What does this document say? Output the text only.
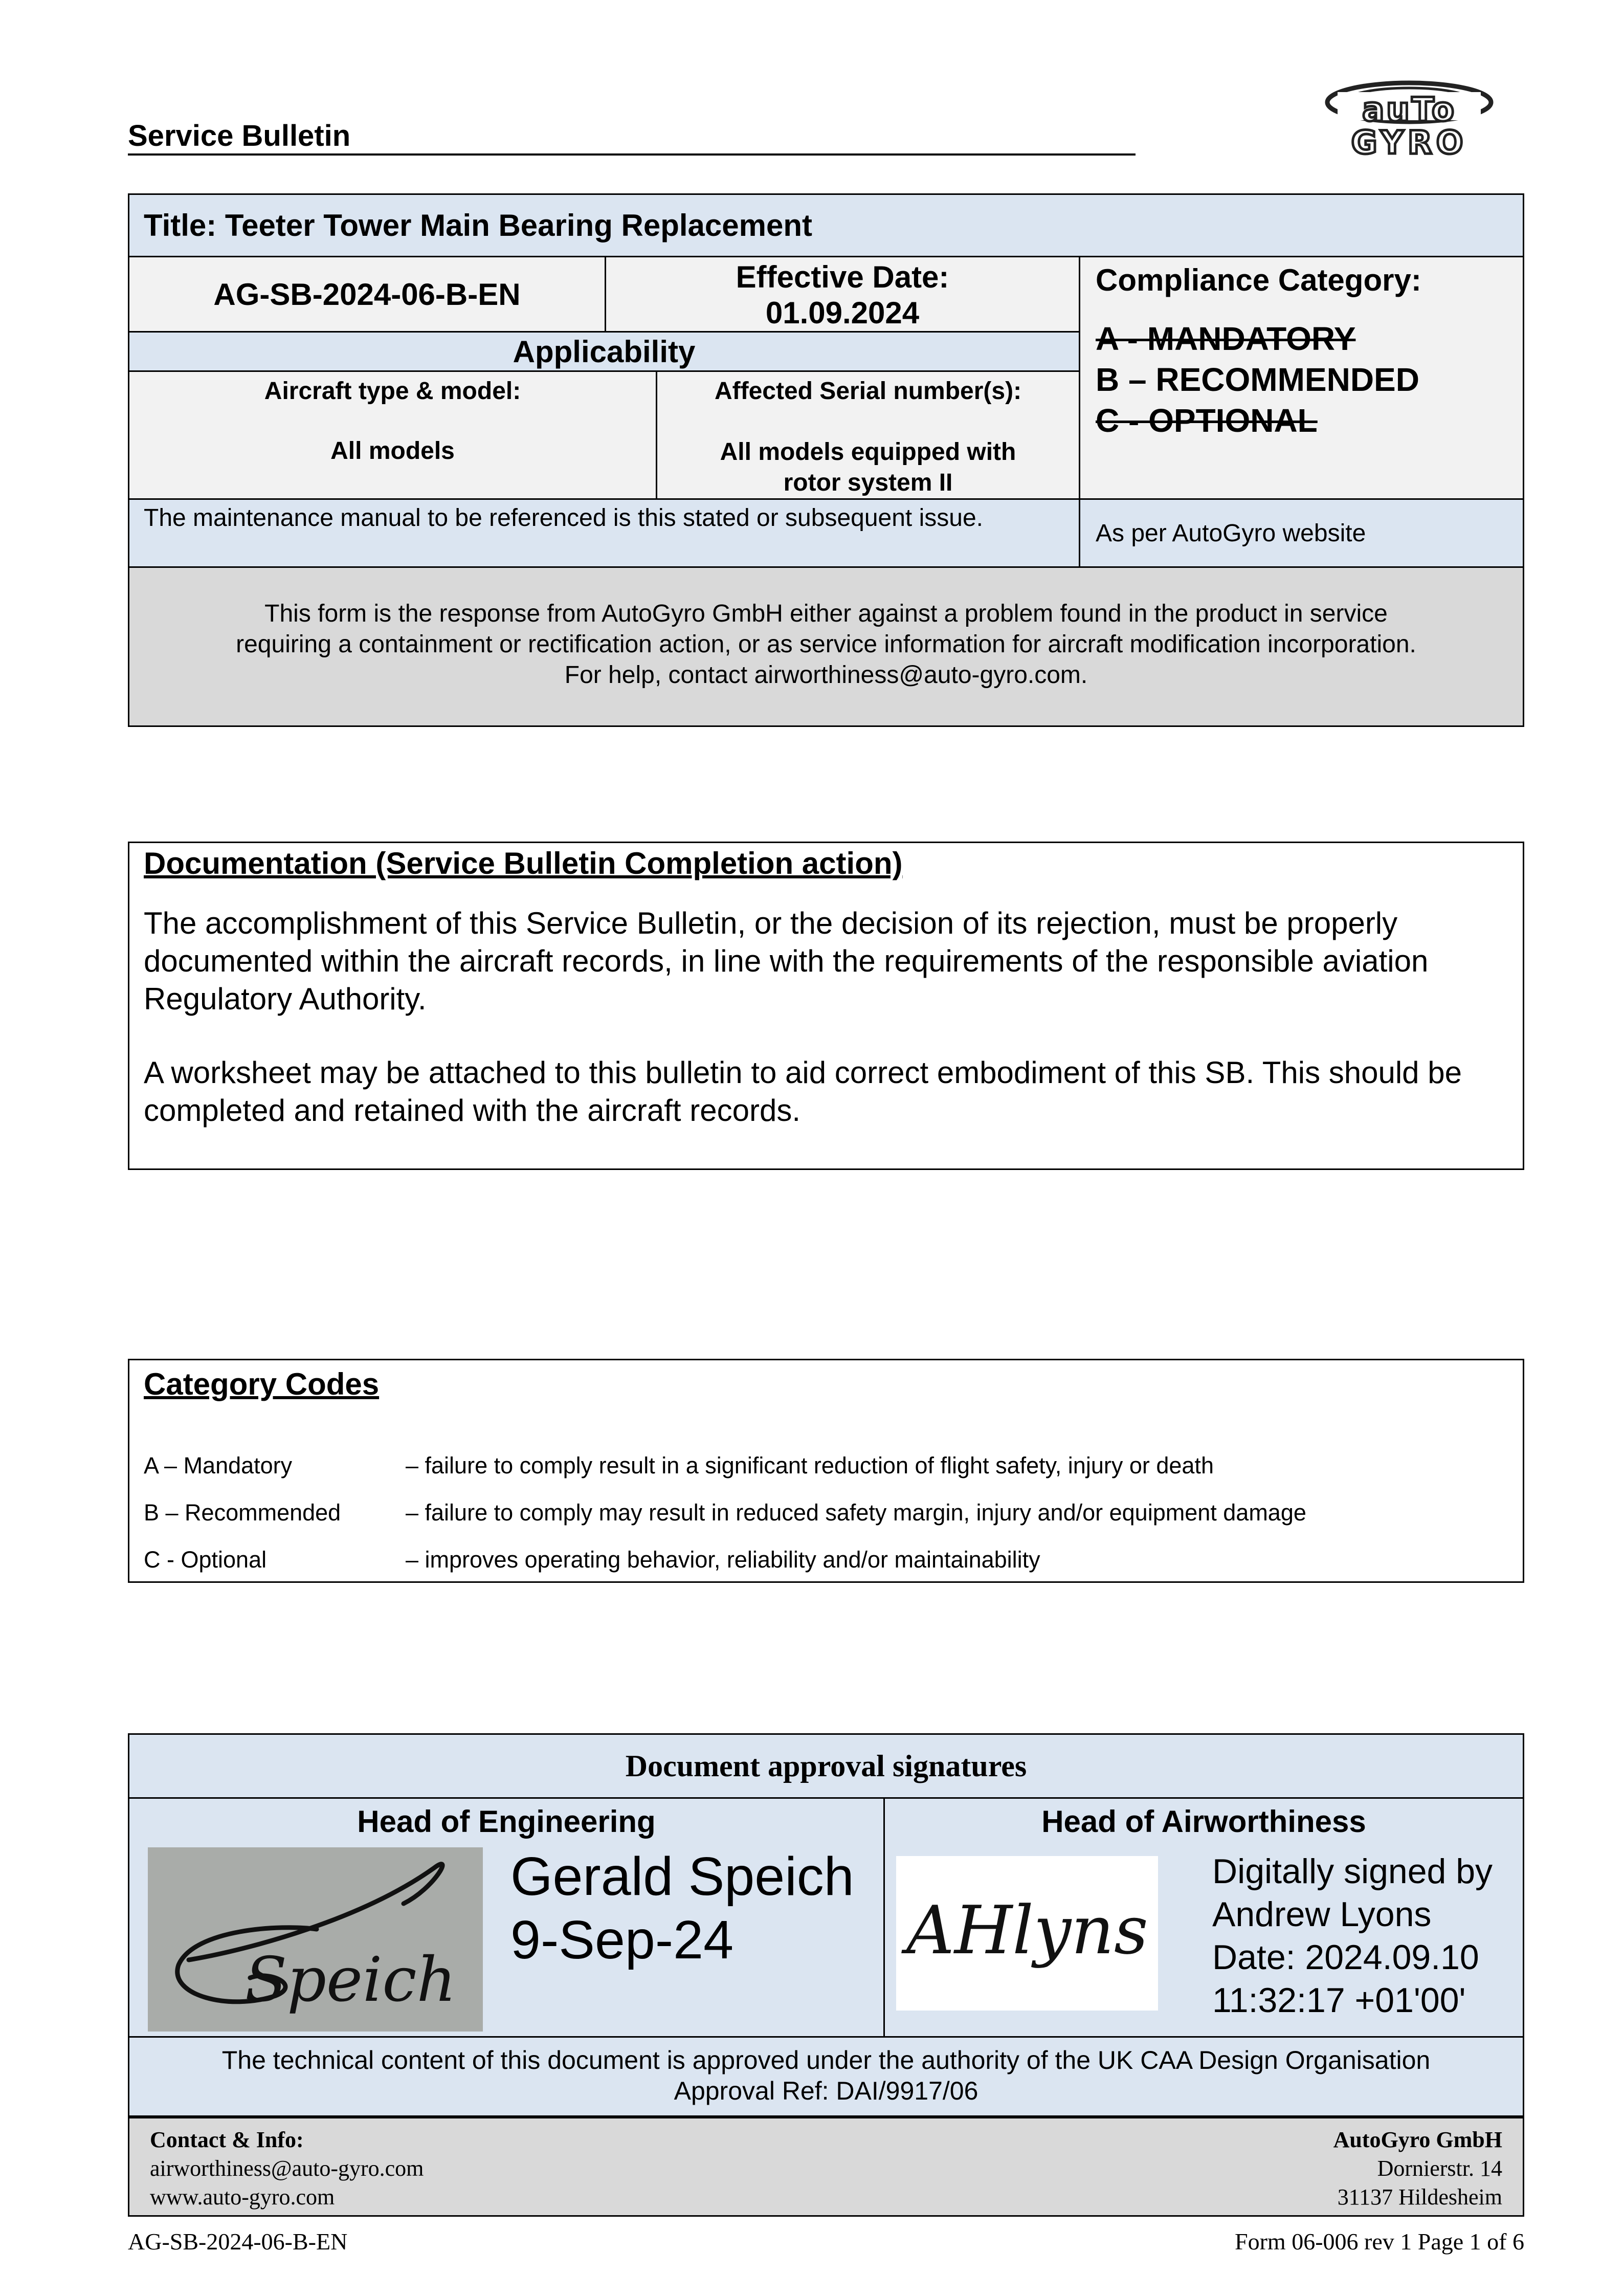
Service Bulletin
auTo
GYRO
Title: Teeter Tower Main Bearing Replacement
AG-SB-2024-06-B-EN	Effective Date:
01.09.2024
Applicability
Aircraft type & model:
All models
Affected Serial number(s):
All models equipped with
rotor system II
Compliance Category:
A - MANDATORY
B – RECOMMENDED
C - OPTIONAL
The maintenance manual to be referenced is this stated or subsequent issue.
As per AutoGyro website
This form is the response from AutoGyro GmbH either against a problem found in the product in service
requiring a containment or rectification action, or as service information for aircraft modification incorporation.
For help, contact airworthiness@auto-gyro.com.
Documentation (Service Bulletin Completion action)
The accomplishment of this Service Bulletin, or the decision of its rejection, must be properly documented within the aircraft records, in line with the requirements of the responsible aviation Regulatory Authority.
A worksheet may be attached to this bulletin to aid correct embodiment of this SB. This should be completed and retained with the aircraft records.
Category Codes
A – Mandatory	– failure to comply result in a significant reduction of flight safety, injury or death
B – Recommended	– failure to comply may result in reduced safety margin, injury and/or equipment damage
C - Optional	– improves operating behavior, reliability and/or maintainability
Document approval signatures
Head of Engineering
Speich
Gerald Speich
9-Sep-24
Head of Airworthiness
AHlyns
Digitally signed by
Andrew Lyons
Date: 2024.09.10
11:32:17 +01'00'
The technical content of this document is approved under the authority of the UK CAA Design Organisation
Approval Ref: DAI/9917/06
Contact & Info:
airworthiness@auto-gyro.com
www.auto-gyro.com
AutoGyro GmbH
Dornierstr. 14
31137 Hildesheim
AG-SB-2024-06-B-EN	Form 06-006 rev 1 Page 1 of 6
